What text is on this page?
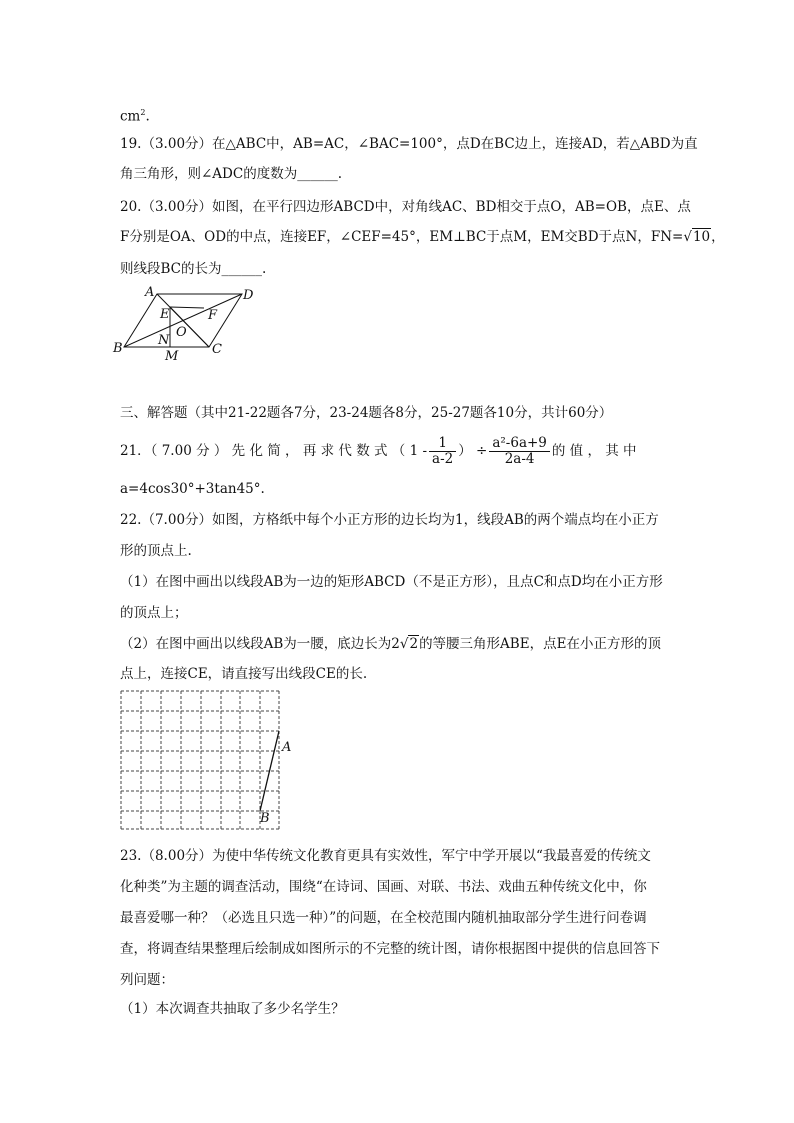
$cm^2$.
19.（3.00分）在△ABC中，AB=AC，∠BAC=100°，点D在BC边上，连接AD，若△ABD为直
角三角形，则∠ADC的度数为______.
20.（3.00分）如图，在平行四边形ABCD中，对角线AC、BD相交于点O，AB=OB，点E、点
F分别是OA、OD的中点，连接EF，∠CEF=45°，EM⊥BC于点M，EM交BD于点N，FN=√10，
则线段BC的长为______.
A	D
E	F
O
N
B	C
M
三、解答题（其中21-22题各7分，23-24题各8分，25-27题各10分，共计60分）
21．（ 7.00 分 ） 先 化 简 ， 再 求 代 数 式 （ $1 - \frac{1}{a-2}$ ） ÷ $\frac{\text{a²-6a+9}}{2a-4}$ 的 值 ， 其 中
a=4cos30°+3tan45°.
22.（7.00分）如图，方格纸中每个小正方形的边长均为1，线段AB的两个端点均在小正方
形的顶点上.
（1）在图中画出以线段AB为一边的矩形ABCD（不是正方形），且点C和点D均在小正方形
的顶点上；
（2）在图中画出以线段AB为一腰，底边长为2√2的等腰三角形ABE，点E在小正方形的顶
点上，连接CE，请直接写出线段CE的长.
A
B
23.（8.00分）为使中华传统文化教育更具有实效性，军宁中学开展以“我最喜爱的传统文
化种类”为主题的调查活动，围绕“在诗词、国画、对联、书法、戏曲五种传统文化中，你
最喜爱哪一种？（必选且只选一种）”的问题，在全校范围内随机抽取部分学生进行问卷调
查，将调查结果整理后绘制成如图所示的不完整的统计图，请你根据图中提供的信息回答下
列问题：
（1）本次调查共抽取了多少名学生？
